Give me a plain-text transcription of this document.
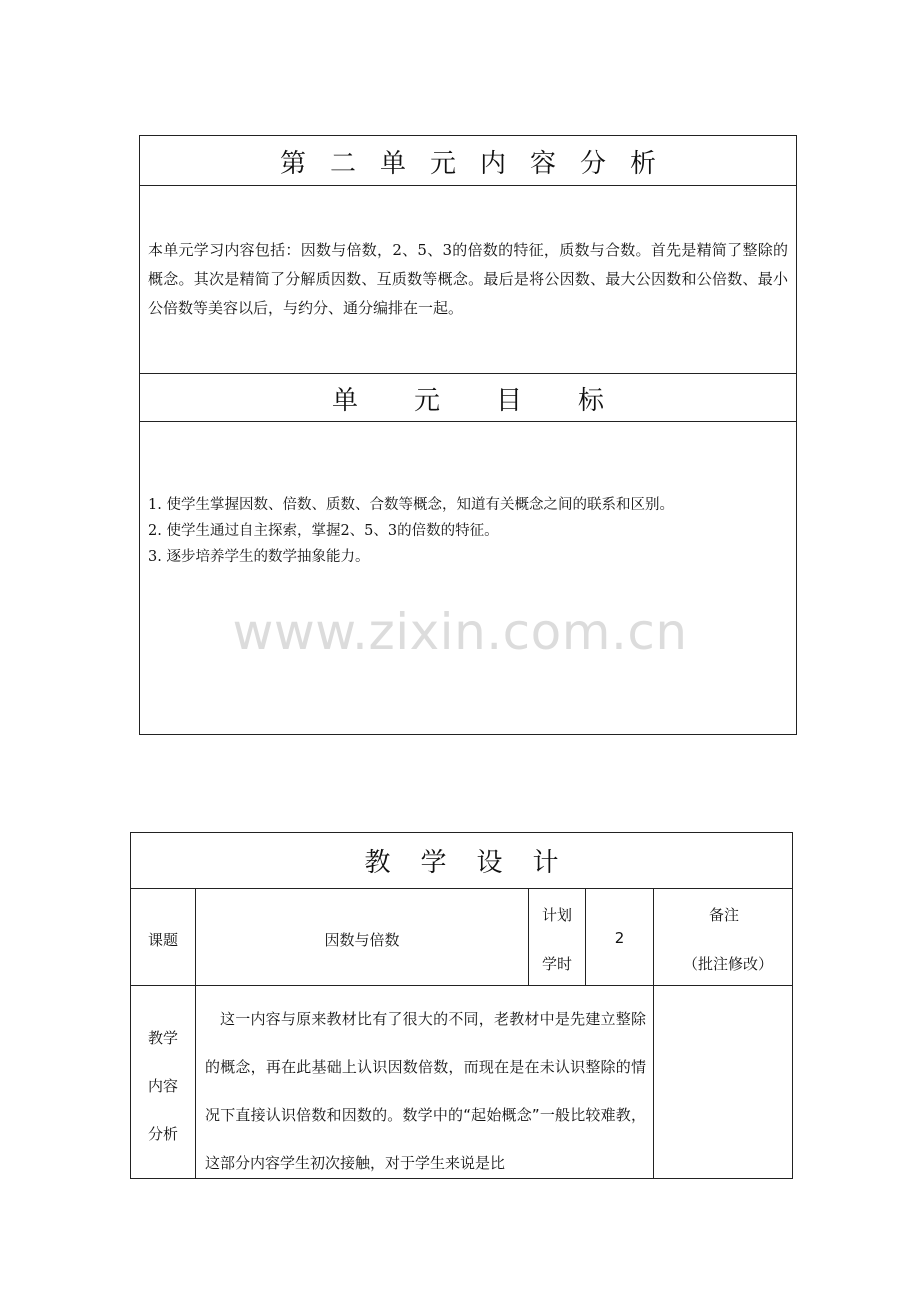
第二单元内容分析
本单元学习内容包括：因数与倍数，2、5、3的倍数的特征，质数与合数。首先是精简了整除的概念。其次是精简了分解质因数、互质数等概念。最后是将公因数、最大公因数和公倍数、最小公倍数等美容以后，与约分、通分编排在一起。
单元目标
1. 使学生掌握因数、倍数、质数、合数等概念，知道有关概念之间的联系和区别。
2. 使学生通过自主探索，掌握2、5、3的倍数的特征。
3. 逐步培养学生的数学抽象能力。
www.zixin.com.cn
教学设计
课题	因数与倍数
计划
学时
2
备注
（批注修改）
教学
内容
分析
这一内容与原来教材比有了很大的不同，老教材中是先建立整除的概念，再在此基础上认识因数倍数，而现在是在未认识整除的情况下直接认识倍数和因数的。数学中的“起始概念”一般比较难教，这部分内容学生初次接触，对于学生来说是比
